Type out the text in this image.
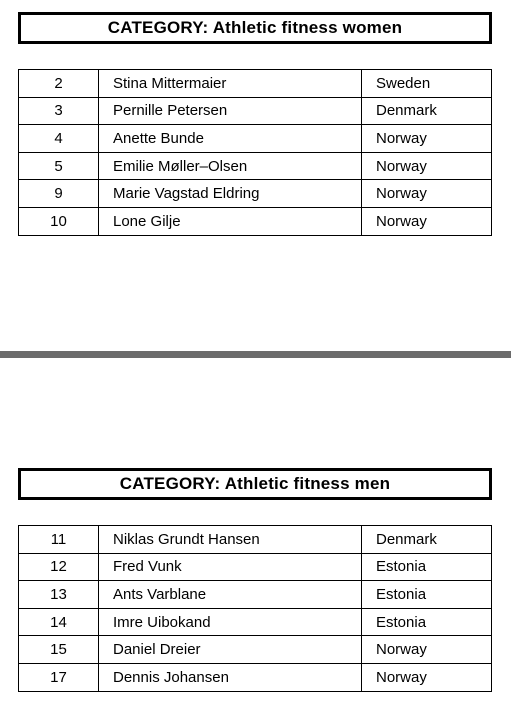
CATEGORY: Athletic fitness women
2	Stina Mittermaier	Sweden
3	Pernille Petersen	Denmark
4	Anette Bunde	Norway
5	Emilie Møller–Olsen	Norway
9	Marie Vagstad Eldring	Norway
10	Lone Gilje	Norway
CATEGORY: Athletic fitness men
11	Niklas Grundt Hansen	Denmark
12	Fred Vunk	Estonia
13	Ants Varblane	Estonia
14	Imre Uibokand	Estonia
15	Daniel Dreier	Norway
17	Dennis Johansen	Norway
